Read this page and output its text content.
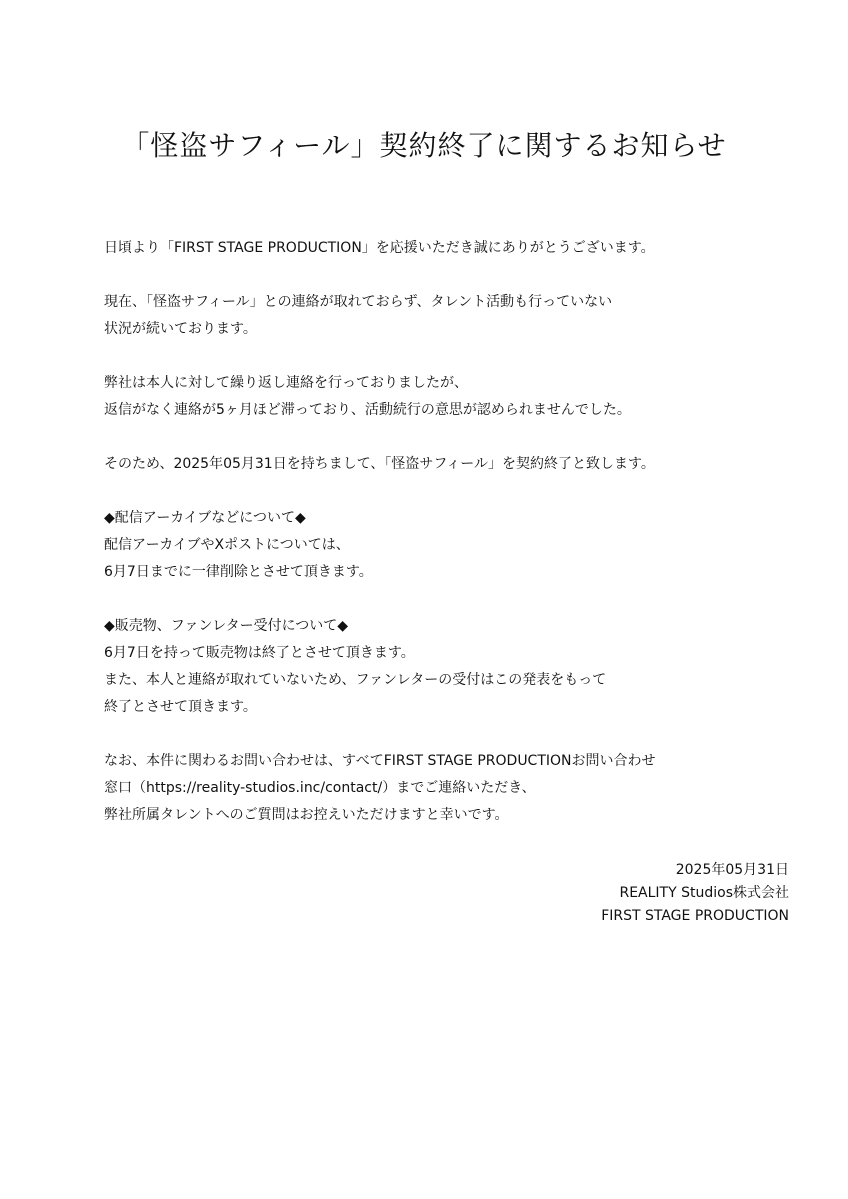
「怪盗サフィール」契約終了に関するお知らせ
日頃より「FIRST STAGE PRODUCTION」を応援いただき誠にありがとうございます。
現在、「怪盗サフィール」との連絡が取れておらず、タレント活動も行っていない
状況が続いております。
弊社は本人に対して繰り返し連絡を行っておりましたが、
返信がなく連絡が5ヶ月ほど滞っており、活動続行の意思が認められませんでした。
そのため、2025年05月31日を持ちまして、「怪盗サフィール」を契約終了と致します。
◆配信アーカイブなどについて◆
配信アーカイブやXポストについては、
6月7日までに一律削除とさせて頂きます。
◆販売物、ファンレター受付について◆
6月7日を持って販売物は終了とさせて頂きます。
また、本人と連絡が取れていないため、ファンレターの受付はこの発表をもって
終了とさせて頂きます。
なお、本件に関わるお問い合わせは、すべてFIRST STAGE PRODUCTIONお問い合わせ
窓口（https://reality-studios.inc/contact/）までご連絡いただき、
弊社所属タレントへのご質問はお控えいただけますと幸いです。
2025年05月31日
REALITY Studios株式会社
FIRST STAGE PRODUCTION
